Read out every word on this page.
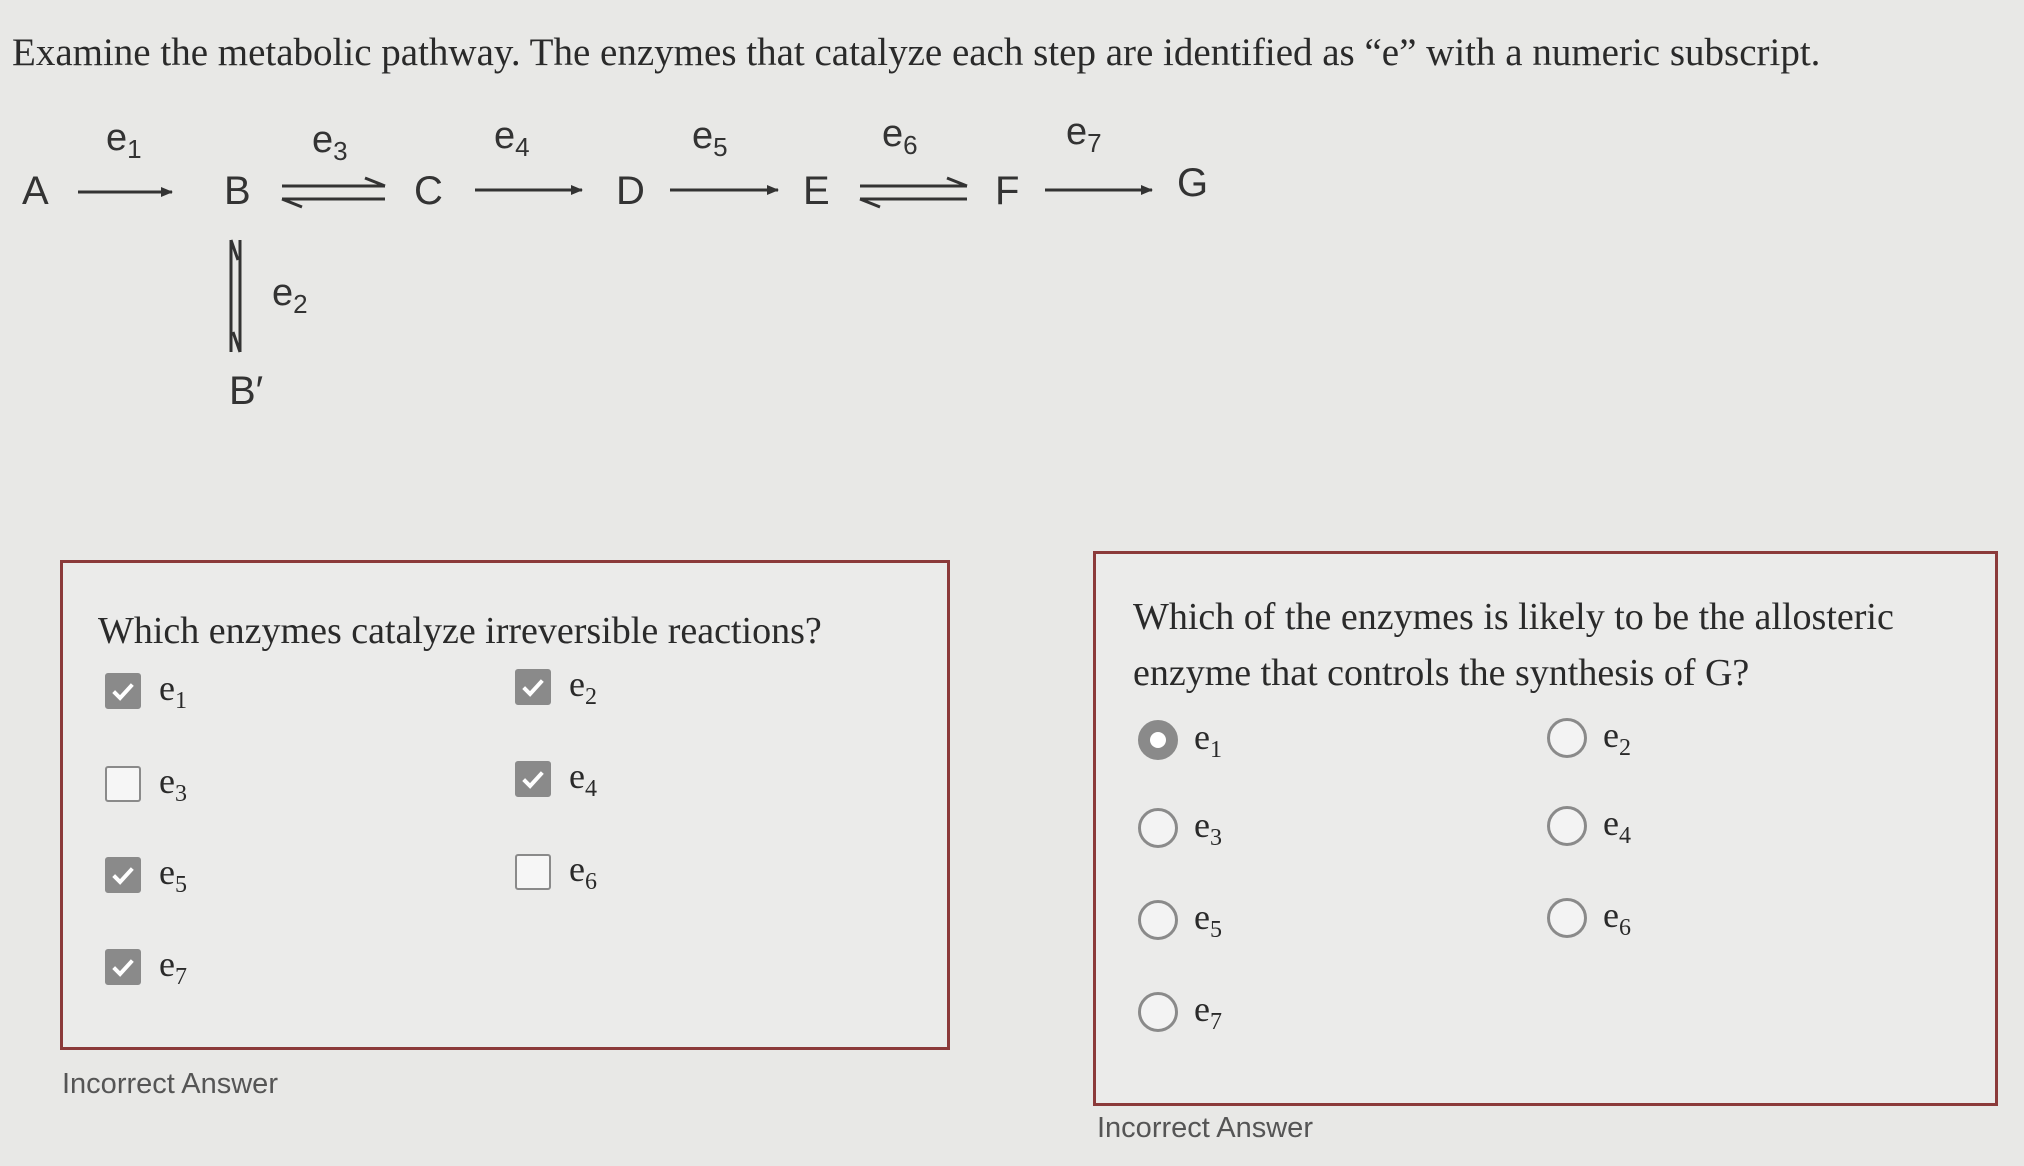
Examine the metabolic pathway. The enzymes that catalyze each step are identified as “e” with a numeric subscript.
A	B	C	D	E	F	G
B′
$e_1$
$e_2$
$e_3$	$e_4$	$e_5$	$e_6$	$e_7$
Which enzymes catalyze irreversible reactions?
$e_1$	$e_2$
$e_3$	$e_4$
$e_5$	$e_6$
$e_7$
Incorrect Answer
Which of the enzymes is likely to be the allosteric enzyme that controls the synthesis of G?
$e_1$	$e_2$
$e_3$	$e_4$
$e_5$	$e_6$
$e_7$
Incorrect Answer
